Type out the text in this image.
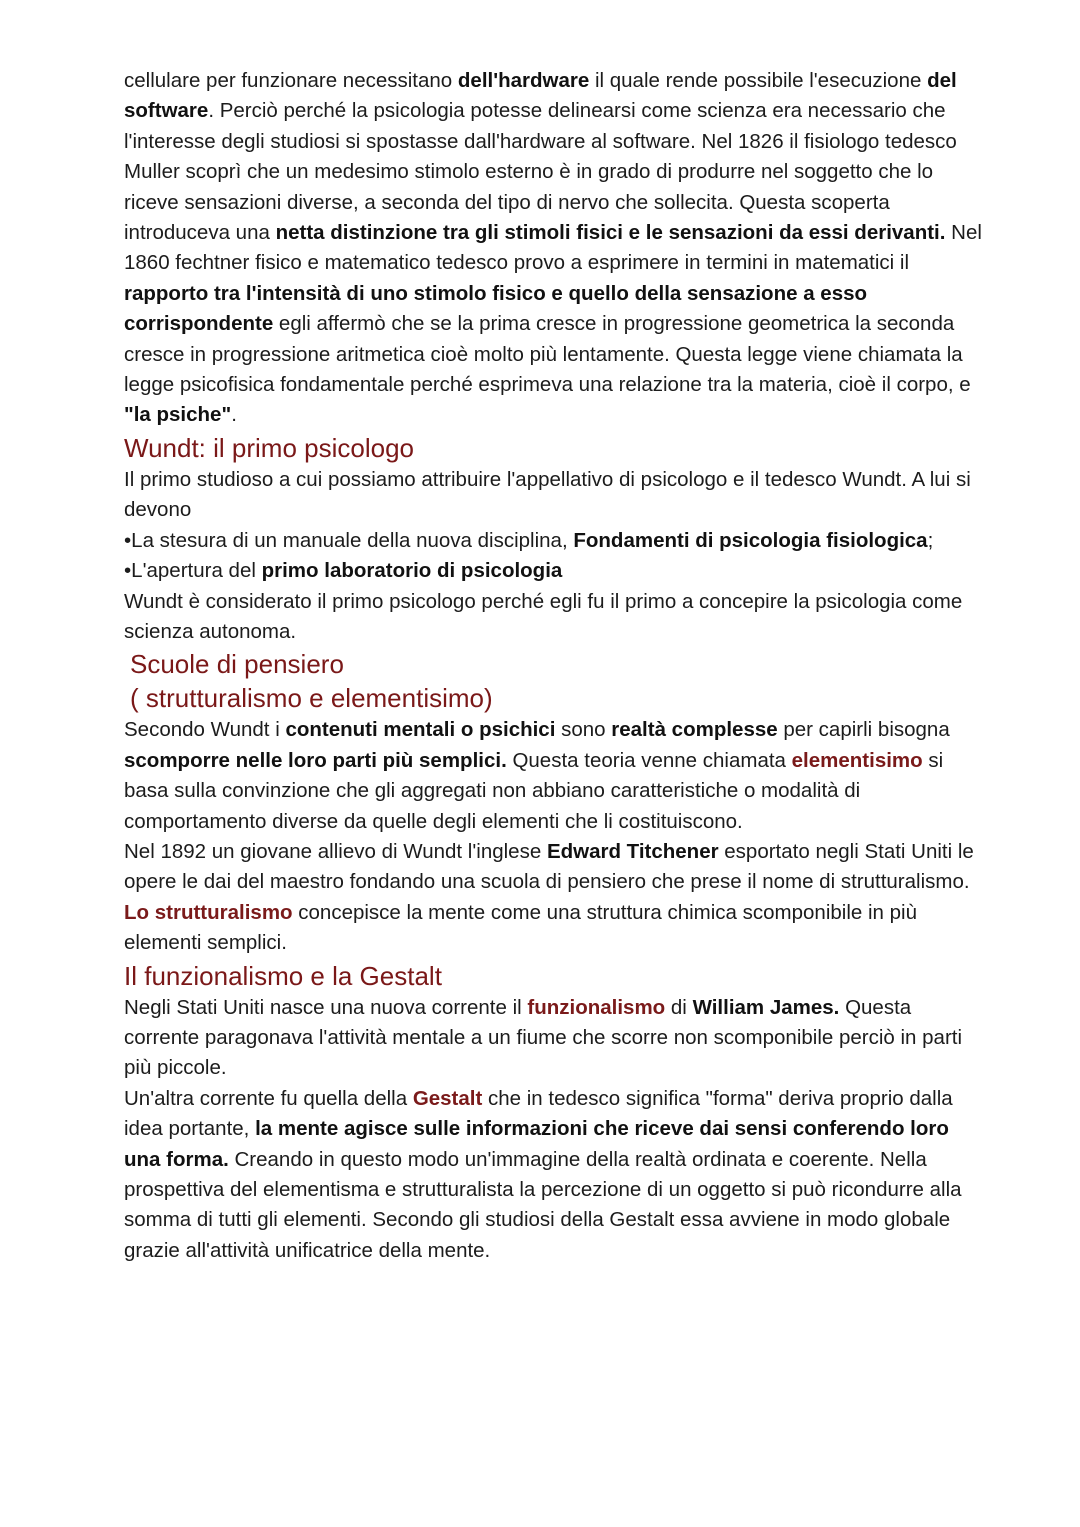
cellulare per funzionare necessitano dell'hardware il quale rende possibile l'esecuzione del software. Perciò perché la psicologia potesse delinearsi come scienza era necessario che l'interesse degli studiosi si spostasse dall'hardware al software. Nel 1826 il fisiologo tedesco Muller scoprì che un medesimo stimolo esterno è in grado di produrre nel soggetto che lo riceve sensazioni diverse, a seconda del tipo di nervo che sollecita. Questa scoperta introduceva una netta distinzione tra gli stimoli fisici e le sensazioni da essi derivanti. Nel 1860 fechtner fisico e matematico tedesco provo a esprimere in termini in matematici il rapporto tra l'intensità di uno stimolo fisico e quello della sensazione a esso corrispondente egli affermò che se la prima cresce in progressione geometrica la seconda cresce in progressione aritmetica cioè molto più lentamente. Questa legge viene chiamata la legge psicofisica fondamentale perché esprimeva una relazione tra la materia, cioè il corpo, e "la psiche".

Wundt: il primo psicologo

Il primo studioso a cui possiamo attribuire l'appellativo di psicologo e il tedesco Wundt. A lui si devono

•La stesura di un manuale della nuova disciplina, Fondamenti di psicologia fisiologica;

•L'apertura del primo laboratorio di psicologia

Wundt è considerato il primo psicologo perché egli fu il primo a concepire la psicologia come scienza autonoma.

Scuole di pensiero
( strutturalismo e elementisimo)

Secondo Wundt i contenuti mentali o psichici sono realtà complesse per capirli bisogna scomporre nelle loro parti più semplici. Questa teoria venne chiamata elementisimo si basa sulla convinzione che gli aggregati non abbiano caratteristiche o modalità di comportamento diverse da quelle degli elementi che li costituiscono.

Nel 1892 un giovane allievo di Wundt l'inglese Edward Titchener esportato negli Stati Uniti le opere le dai del maestro fondando una scuola di pensiero che prese il nome di strutturalismo. Lo strutturalismo concepisce la mente come una struttura chimica scomponibile in più elementi semplici.

Il funzionalismo e la Gestalt

Negli Stati Uniti nasce una nuova corrente il funzionalismo di William James. Questa corrente paragonava l'attività mentale a un fiume che scorre non scomponibile perciò in parti più piccole.

Un'altra corrente fu quella della Gestalt che in tedesco significa "forma" deriva proprio dalla idea portante, la mente agisce sulle informazioni che riceve dai sensi conferendo loro una forma. Creando in questo modo un'immagine della realtà ordinata e coerente. Nella prospettiva del elementisma e strutturalista la percezione di un oggetto si può ricondurre alla somma di tutti gli elementi. Secondo gli studiosi della Gestalt essa avviene in modo globale grazie all'attività unificatrice della mente.
